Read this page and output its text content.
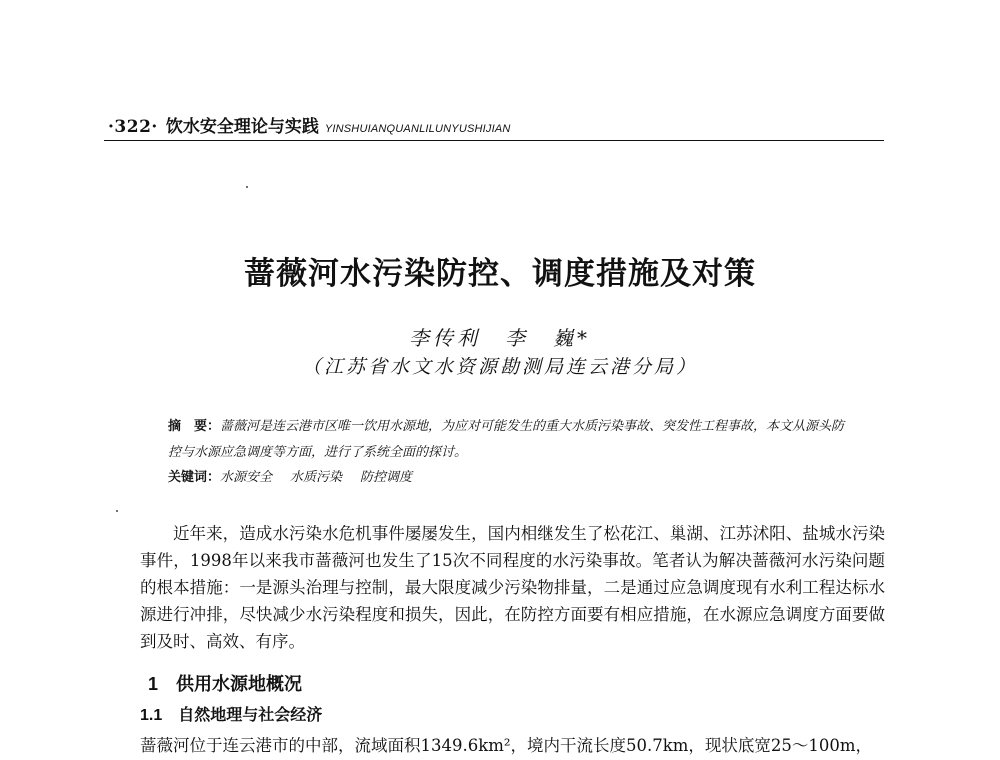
·322· 饮水安全理论与实践 YINSHUIANQUANLILUNYUSHIJIAN
蔷薇河水污染防控、调度措施及对策
李传利　李　巍*
（江苏省水文水资源勘测局连云港分局）
摘　要：蔷薇河是连云港市区唯一饮用水源地，为应对可能发生的重大水质污染事故、突发性工程事故，本文从源头防控与水源应急调度等方面，进行了系统全面的探讨。
关键词：水源安全 水质污染 防控调度

近年来，造成水污染水危机事件屡屡发生，国内相继发生了松花江、巢湖、江苏沭阳、盐城水污染事件，1998年以来我市蔷薇河也发生了15次不同程度的水污染事故。笔者认为解决蔷薇河水污染问题的根本措施：一是源头治理与控制，最大限度减少污染物排量，二是通过应急调度现有水利工程达标水源进行冲排，尽快减少水污染程度和损失，因此，在防控方面要有相应措施，在水源应急调度方面要做到及时、高效、有序。

1　供用水源地概况
1.1　自然地理与社会经济
蔷薇河位于连云港市的中部，流域面积1349.6km²，境内干流长度50.7km，现状底宽25～100m，
